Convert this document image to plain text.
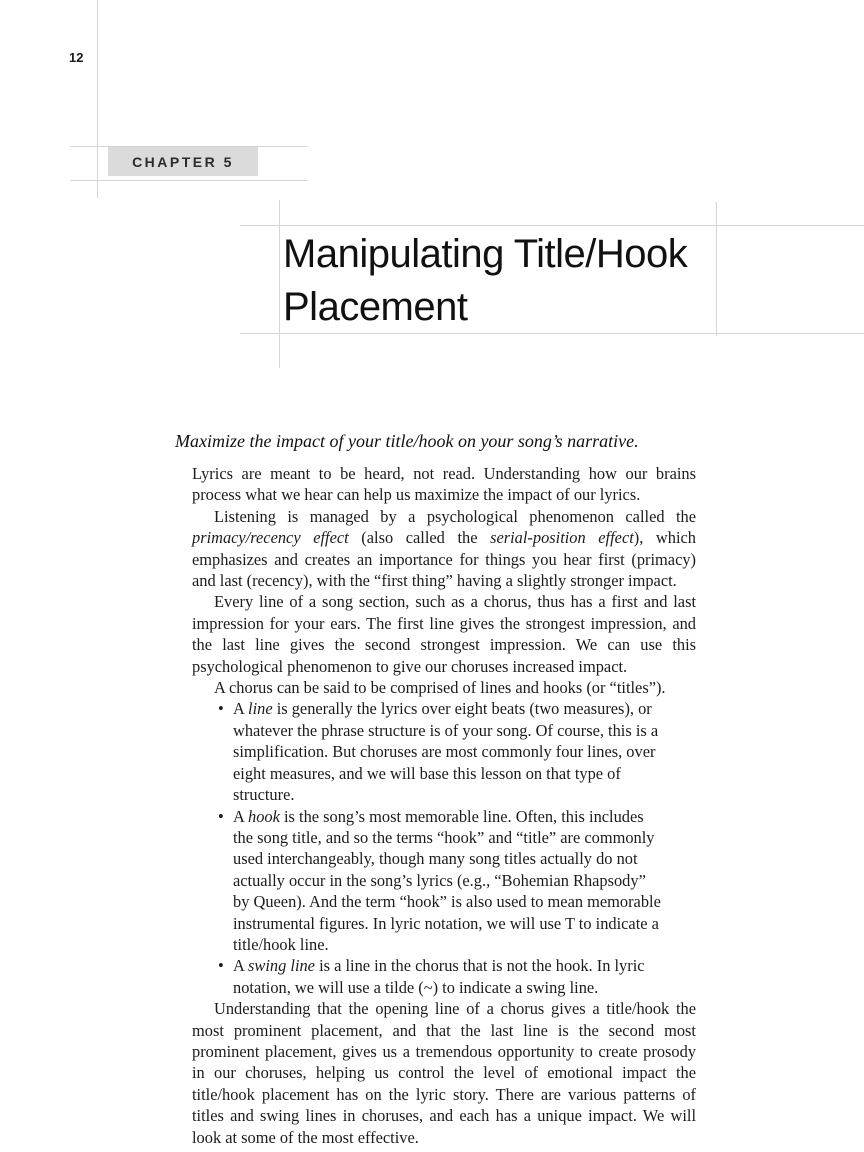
12
CHAPTER 5
Manipulating Title/Hook
Placement
Maximize the impact of your title/hook on your song’s narrative.

Lyrics are meant to be heard, not read. Understanding how our brains process what we hear can help us maximize the impact of our lyrics.

Listening is managed by a psychological phenomenon called the primacy/recency effect (also called the serial-position effect), which emphasizes and creates an importance for things you hear first (primacy) and last (recency), with the “first thing” having a slightly stronger impact.

Every line of a song section, such as a chorus, thus has a first and last impression for your ears. The first line gives the strongest impression, and the last line gives the second strongest impression. We can use this psychological phenomenon to give our choruses increased impact.

A chorus can be said to be comprised of lines and hooks (or “titles”).

• A line is generally the lyrics over eight beats (two measures), or whatever the phrase structure is of your song. Of course, this is a simplification. But choruses are most commonly four lines, over eight measures, and we will base this lesson on that type of structure.
• A hook is the song’s most memorable line. Often, this includes the song title, and so the terms “hook” and “title” are commonly used interchangeably, though many song titles actually do not actually occur in the song’s lyrics (e.g., “Bohemian Rhapsody” by Queen). And the term “hook” is also used to mean memorable instrumental figures. In lyric notation, we will use T to indicate a title/hook line.
• A swing line is a line in the chorus that is not the hook. In lyric notation, we will use a tilde (~) to indicate a swing line.

Understanding that the opening line of a chorus gives a title/hook the most prominent placement, and that the last line is the second most prominent placement, gives us a tremendous opportunity to create prosody in our choruses, helping us control the level of emotional impact the title/hook placement has on the lyric story. There are various patterns of titles and swing lines in choruses, and each has a unique impact. We will look at some of the most effective.
